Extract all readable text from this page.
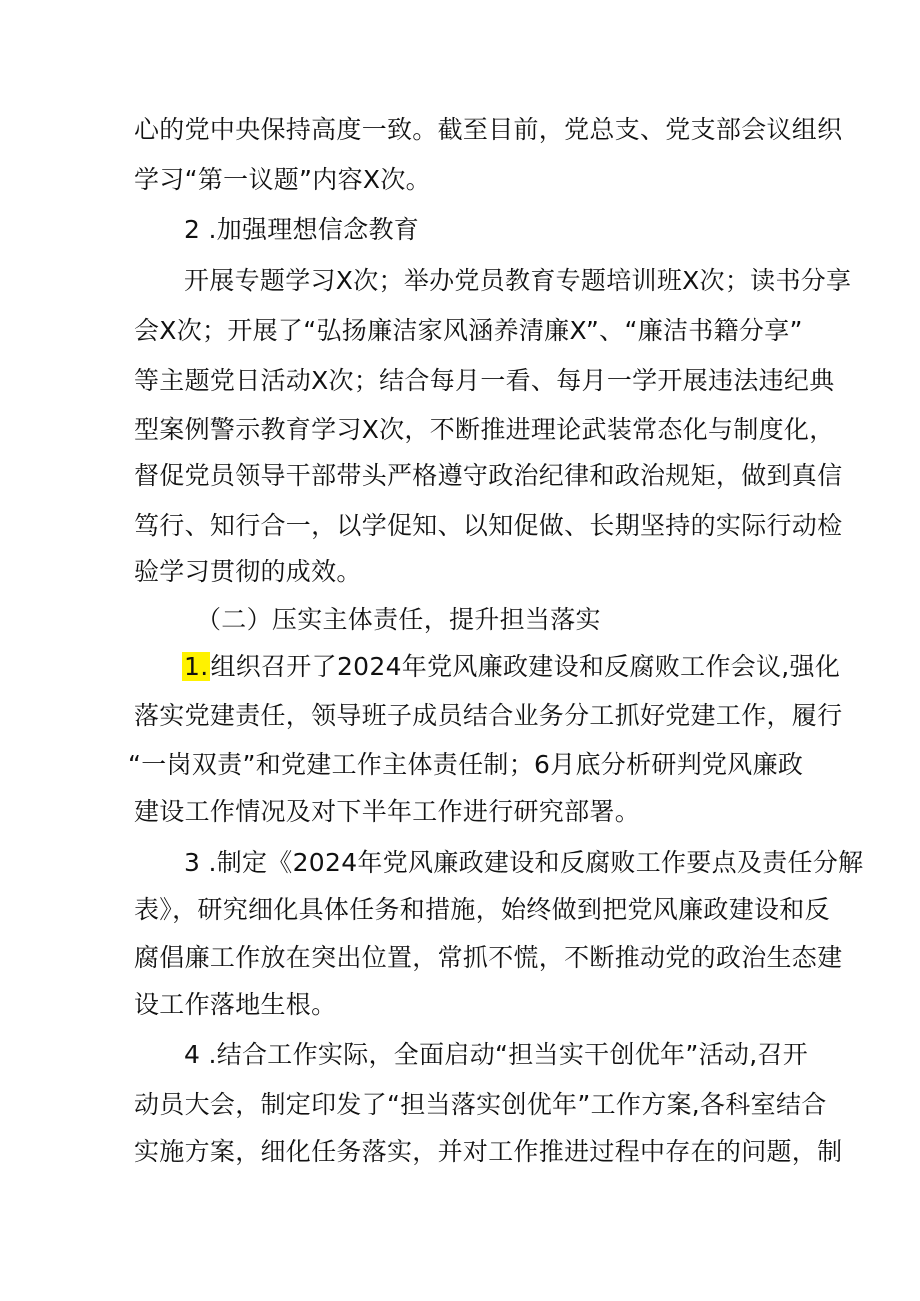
心的党中央保持高度一致。截至目前，党总支、党支部会议组织
学习“第一议题”内容X次。
2 .加强理想信念教育
开展专题学习X次；举办党员教育专题培训班X次；读书分享
会X次；开展了“弘扬廉洁家风涵养清廉X”、“廉洁书籍分享”
等主题党日活动X次；结合每月一看、每月一学开展违法违纪典
型案例警示教育学习X次，不断推进理论武装常态化与制度化，
督促党员领导干部带头严格遵守政治纪律和政治规矩，做到真信
笃行、知行合一，以学促知、以知促做、长期坚持的实际行动检
验学习贯彻的成效。
（二）压实主体责任，提升担当落实
1.组织召开了2024年党风廉政建设和反腐败工作会议,强化
落实党建责任，领导班子成员结合业务分工抓好党建工作，履行
“一岗双责”和党建工作主体责任制；6月底分析研判党风廉政
建设工作情况及对下半年工作进行研究部署。
3 .制定《2024年党风廉政建设和反腐败工作要点及责任分解
表》，研究细化具体任务和措施，始终做到把党风廉政建设和反
腐倡廉工作放在突出位置，常抓不慌，不断推动党的政治生态建
设工作落地生根。
4 .结合工作实际，全面启动“担当实干创优年”活动,召开
动员大会，制定印发了“担当落实创优年”工作方案,各科室结合
实施方案，细化任务落实，并对工作推进过程中存在的问题，制
